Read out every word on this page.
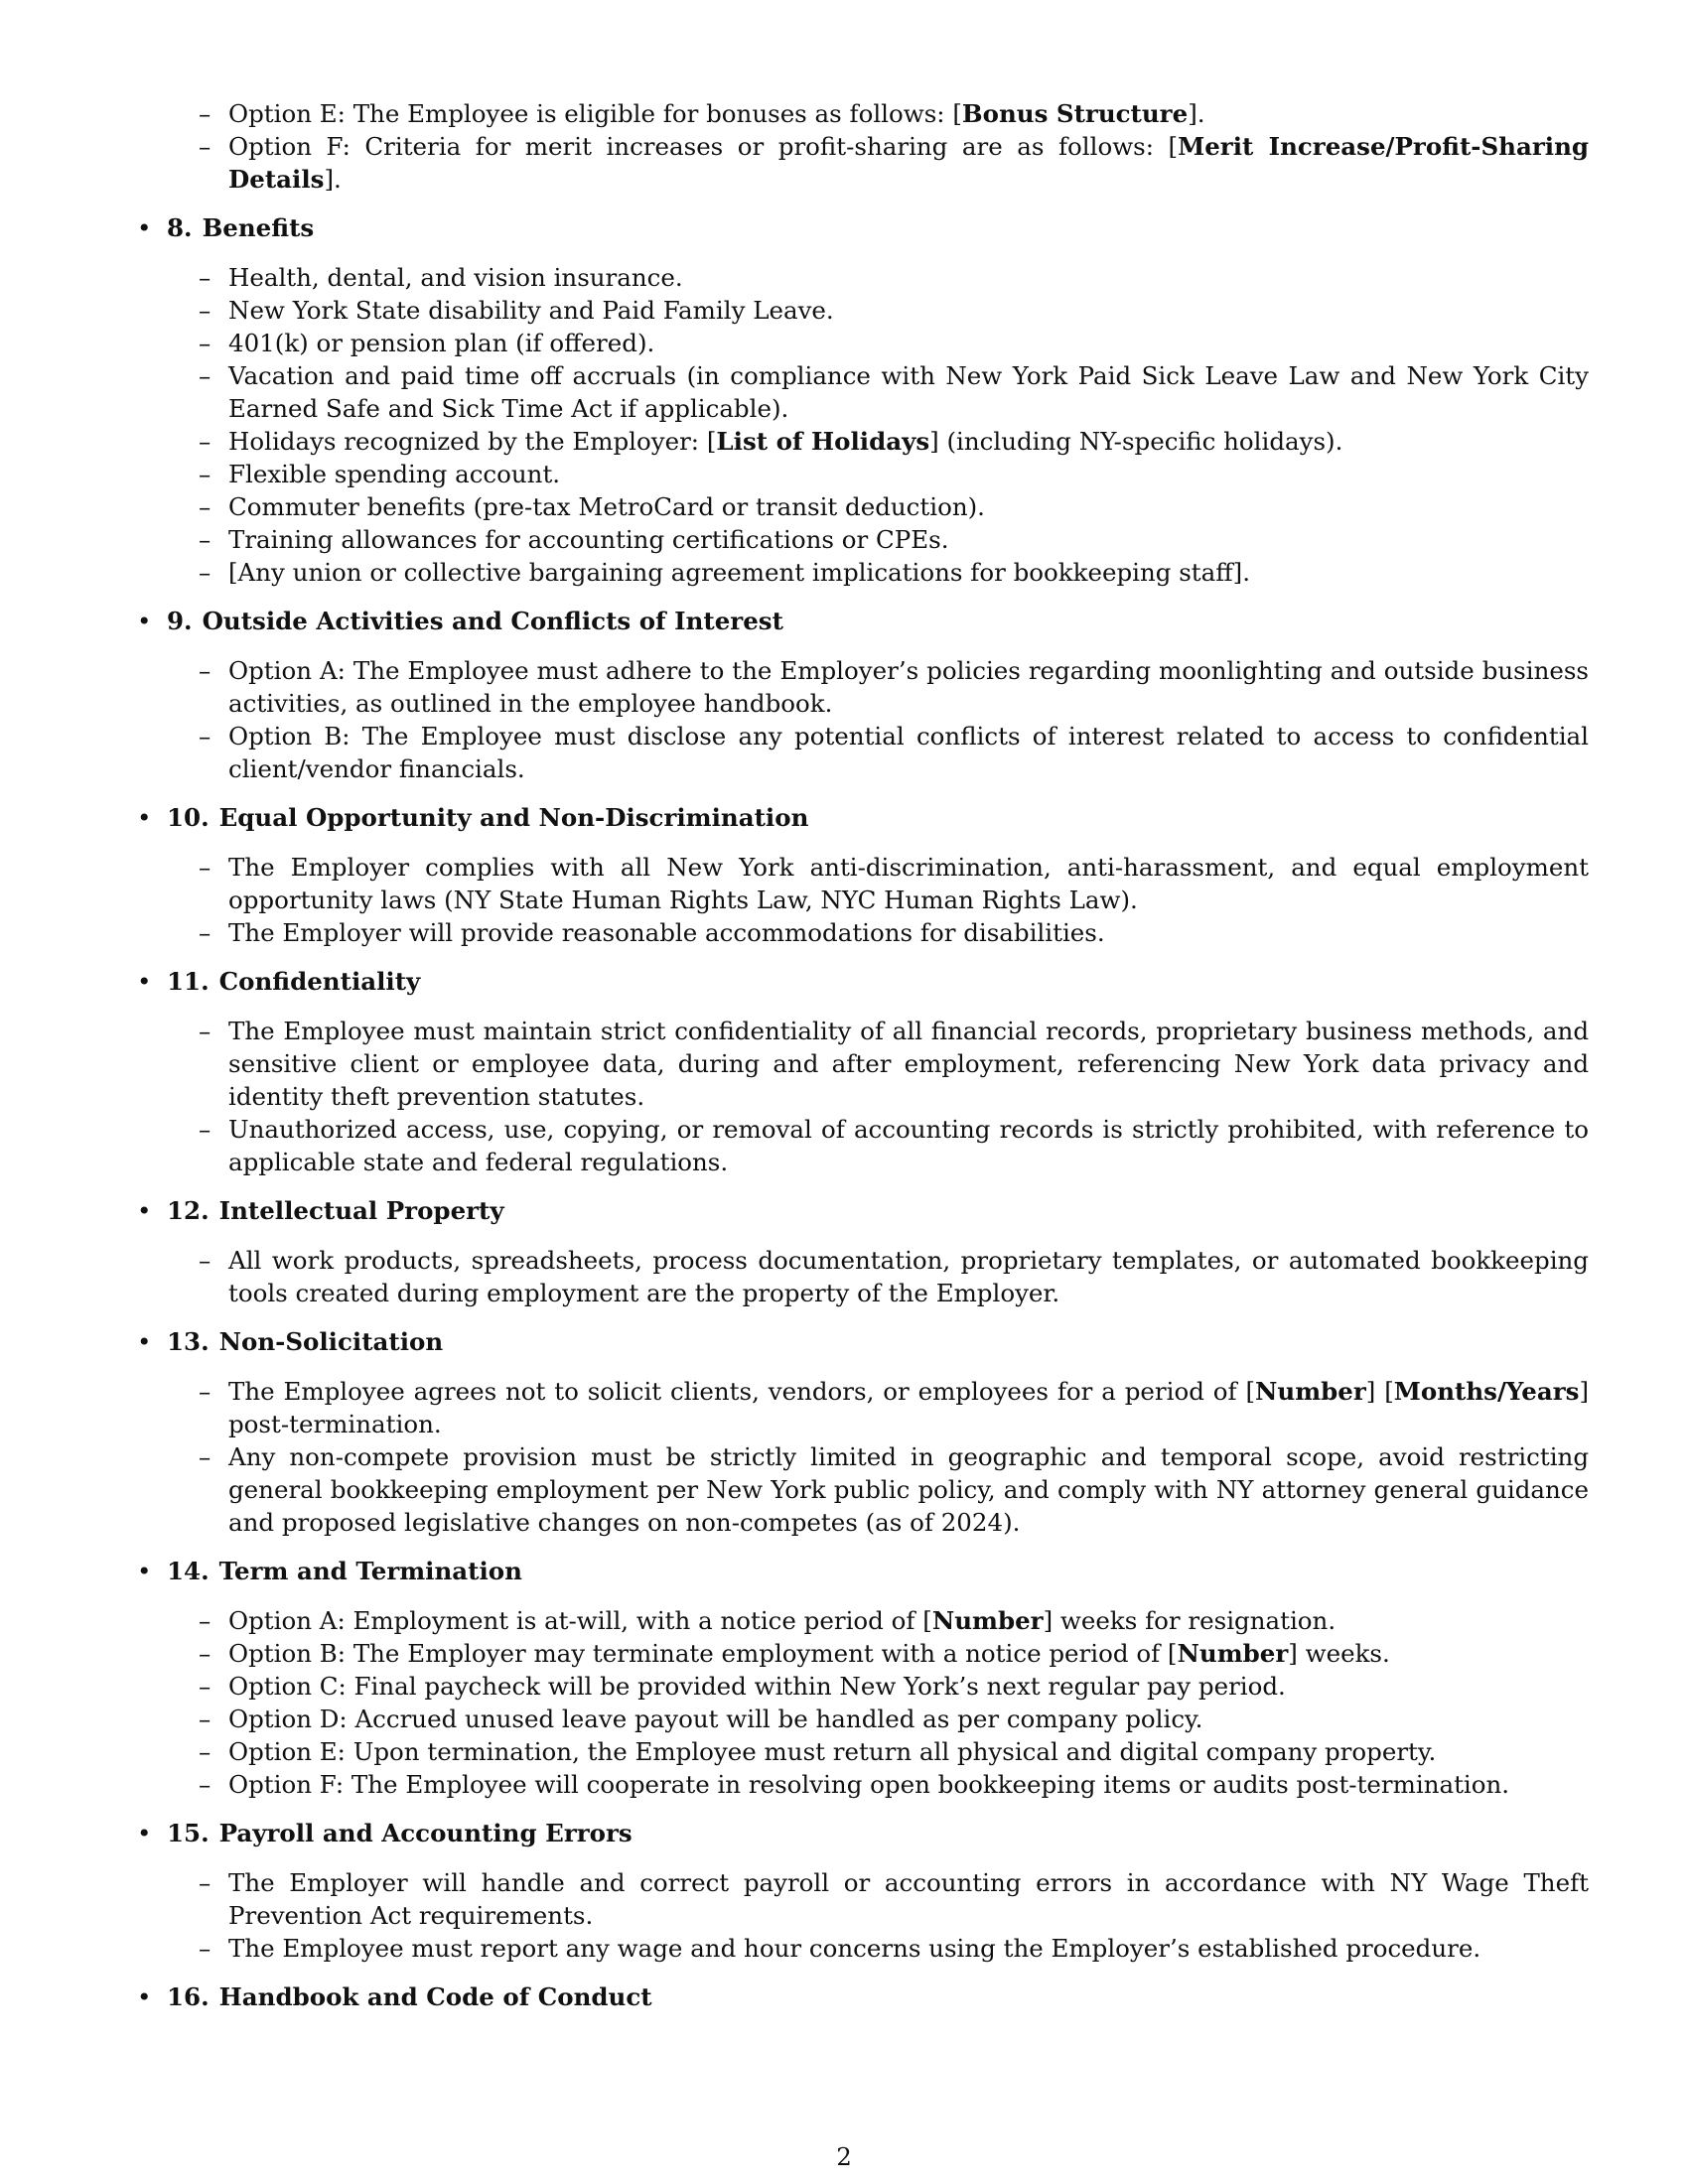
– Option E: The Employee is eligible for bonuses as follows: [Bonus Structure].
– Option F: Criteria for merit increases or profit-sharing are as follows: [Merit Increase/Profit-Sharing Details].
• 8. Benefits
– Health, dental, and vision insurance.
– New York State disability and Paid Family Leave.
– 401(k) or pension plan (if offered).
– Vacation and paid time off accruals (in compliance with New York Paid Sick Leave Law and New York City Earned Safe and Sick Time Act if applicable).
– Holidays recognized by the Employer: [List of Holidays] (including NY-specific holidays).
– Flexible spending account.
– Commuter benefits (pre-tax MetroCard or transit deduction).
– Training allowances for accounting certifications or CPEs.
– [Any union or collective bargaining agreement implications for bookkeeping staff].
• 9. Outside Activities and Conflicts of Interest
– Option A: The Employee must adhere to the Employer’s policies regarding moonlighting and outside business activities, as outlined in the employee handbook.
– Option B: The Employee must disclose any potential conflicts of interest related to access to confidential client/vendor financials.
• 10. Equal Opportunity and Non-Discrimination
– The Employer complies with all New York anti-discrimination, anti-harassment, and equal employment opportunity laws (NY State Human Rights Law, NYC Human Rights Law).
– The Employer will provide reasonable accommodations for disabilities.
• 11. Confidentiality
– The Employee must maintain strict confidentiality of all financial records, proprietary business methods, and sensitive client or employee data, during and after employment, referencing New York data privacy and identity theft prevention statutes.
– Unauthorized access, use, copying, or removal of accounting records is strictly prohibited, with reference to applicable state and federal regulations.
• 12. Intellectual Property
– All work products, spreadsheets, process documentation, proprietary templates, or automated bookkeeping tools created during employment are the property of the Employer.
• 13. Non-Solicitation
– The Employee agrees not to solicit clients, vendors, or employees for a period of [Number] [Months/Years] post-termination.
– Any non-compete provision must be strictly limited in geographic and temporal scope, avoid restricting general bookkeeping employment per New York public policy, and comply with NY attorney general guidance and proposed legislative changes on non-competes (as of 2024).
• 14. Term and Termination
– Option A: Employment is at-will, with a notice period of [Number] weeks for resignation.
– Option B: The Employer may terminate employment with a notice period of [Number] weeks.
– Option C: Final paycheck will be provided within New York’s next regular pay period.
– Option D: Accrued unused leave payout will be handled as per company policy.
– Option E: Upon termination, the Employee must return all physical and digital company property.
– Option F: The Employee will cooperate in resolving open bookkeeping items or audits post-termination.
• 15. Payroll and Accounting Errors
– The Employer will handle and correct payroll or accounting errors in accordance with NY Wage Theft Prevention Act requirements.
– The Employee must report any wage and hour concerns using the Employer’s established procedure.
• 16. Handbook and Code of Conduct
2
